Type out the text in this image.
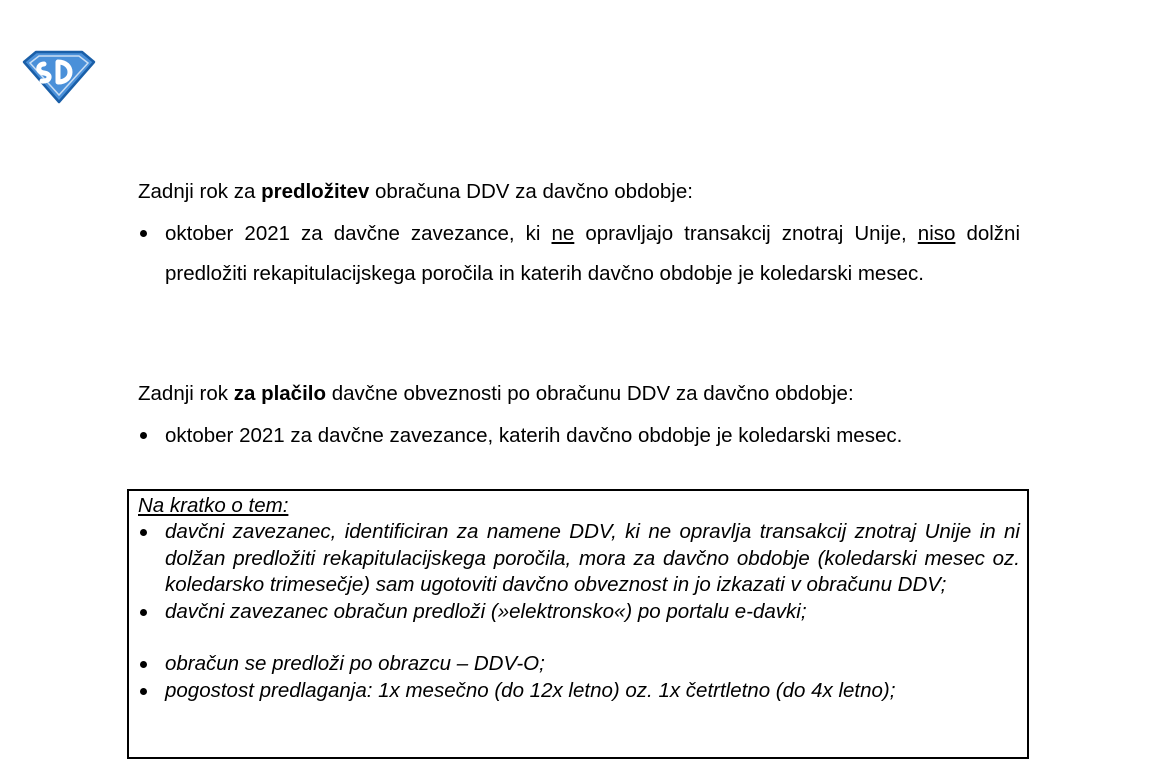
Zadnji rok za predložitev obračuna DDV za davčno obdobje:
oktober 2021 za davčne zavezance, ki ne opravljajo transakcij znotraj Unije, niso dolžni predložiti rekapitulacijskega poročila in katerih davčno obdobje je koledarski mesec.
Zadnji rok za plačilo davčne obveznosti po obračunu DDV za davčno obdobje:
oktober 2021 za davčne zavezance, katerih davčno obdobje je koledarski mesec.
Na kratko o tem:
davčni zavezanec, identificiran za namene DDV, ki ne opravlja transakcij znotraj Unije in ni dolžan predložiti rekapitulacijskega poročila, mora za davčno obdobje (koledarski mesec oz. koledarsko trimesečje) sam ugotoviti davčno obveznost in jo izkazati v obračunu DDV;
davčni zavezanec obračun predloži (»elektronsko«) po portalu e-davki;
obračun se predloži po obrazcu – DDV-O;
pogostost predlaganja: 1x mesečno (do 12x letno) oz. 1x četrtletno (do 4x letno);
